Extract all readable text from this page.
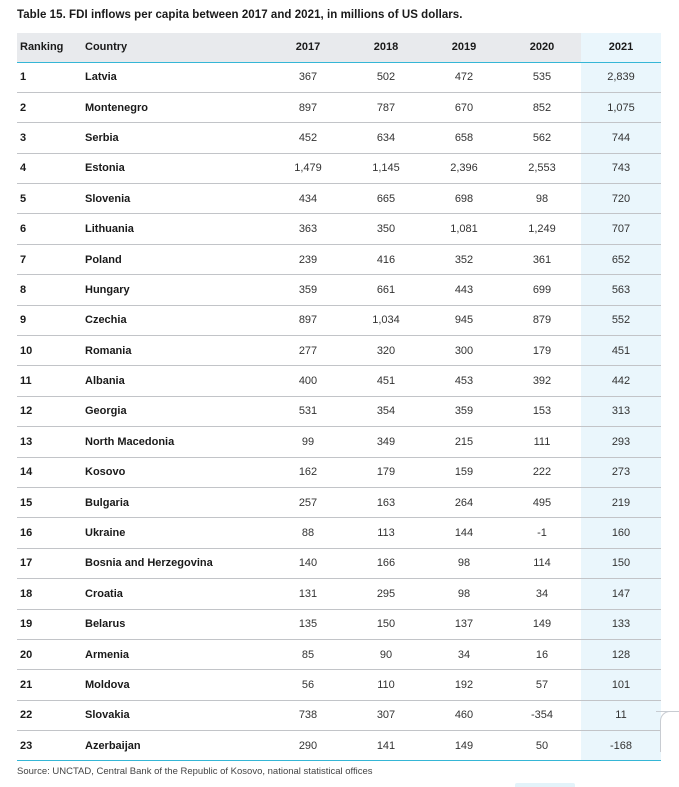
Table 15. FDI inflows per capita between 2017 and 2021, in millions of US dollars.
Ranking	Country	2017	2018	2019	2020	2021
1	Latvia	367	502	472	535	2,839
2	Montenegro	897	787	670	852	1,075
3	Serbia	452	634	658	562	744
4	Estonia	1,479	1,145	2,396	2,553	743
5	Slovenia	434	665	698	98	720
6	Lithuania	363	350	1,081	1,249	707
7	Poland	239	416	352	361	652
8	Hungary	359	661	443	699	563
9	Czechia	897	1,034	945	879	552
10	Romania	277	320	300	179	451
11	Albania	400	451	453	392	442
12	Georgia	531	354	359	153	313
13	North Macedonia	99	349	215	111	293
14	Kosovo	162	179	159	222	273
15	Bulgaria	257	163	264	495	219
16	Ukraine	88	113	144	-1	160
17	Bosnia and Herzegovina	140	166	98	114	150
18	Croatia	131	295	98	34	147
19	Belarus	135	150	137	149	133
20	Armenia	85	90	34	16	128
21	Moldova	56	110	192	57	101
22	Slovakia	738	307	460	-354	11
23	Azerbaijan	290	141	149	50	-168
Source: UNCTAD, Central Bank of the Republic of Kosovo, national statistical offices
